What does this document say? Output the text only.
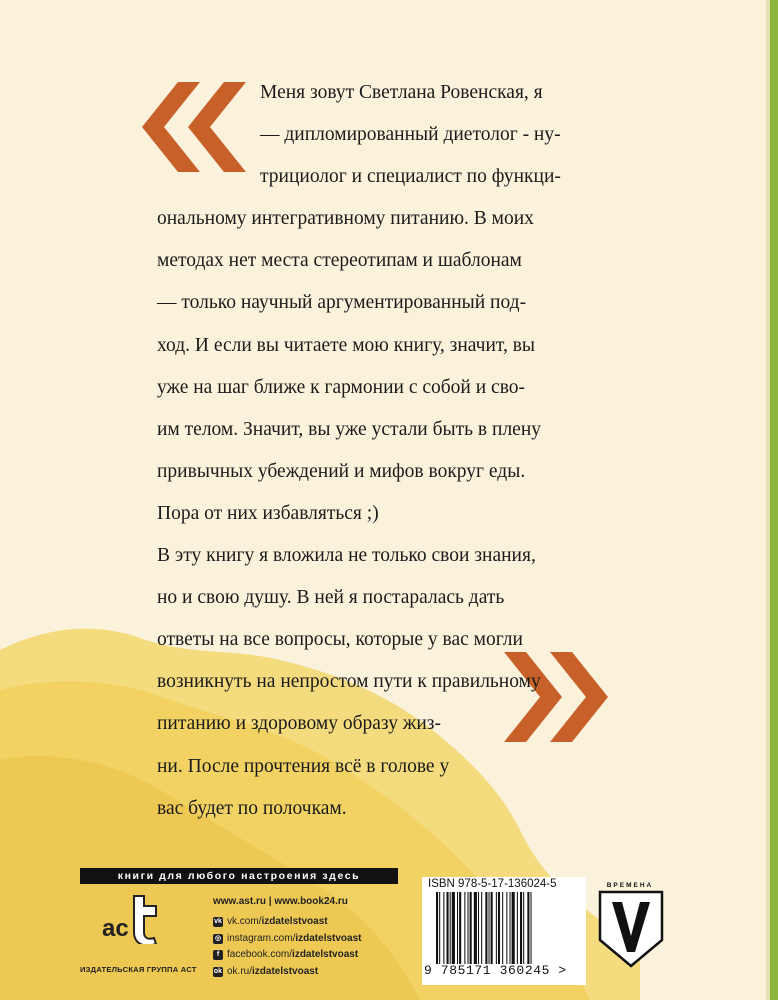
Меня зовут Светлана Ровенская, я

— дипломированный диетолог - ну-

трициолог и специалист по функци-

ональному интегративному питанию. В моих

методах нет места стереотипам и шаблонам

— только научный аргументированный под-

ход. И если вы читаете мою книгу, значит, вы

уже на шаг ближе к гармонии с собой и сво-

им телом. Значит, вы уже устали быть в плену

привычных убеждений и мифов вокруг еды.

Пора от них избавляться ;)

В эту книгу я вложила не только свои знания,

но и свою душу. В ней я постаралась дать

ответы на все вопросы, которые у вас могли

возникнуть на непростом пути к правильному

питанию и здоровому образу жиз-

ни. После прочтения всё в голове у

вас будет по полочкам.

книги для любого настроения здесь
ac
ИЗДАТЕЛЬСКАЯ ГРУППА АСТ
www.ast.ru | www.book24.ru
vk vk.com/ izdatelstvoast
◎ instagram.com/ izdatelstvoast
f facebook.com/ izdatelstvoast
ok ok.ru/ izdatelstvoast
ISBN 978-5-17-136024-5
9 785171 360245 >
ВРЕМЕНА
